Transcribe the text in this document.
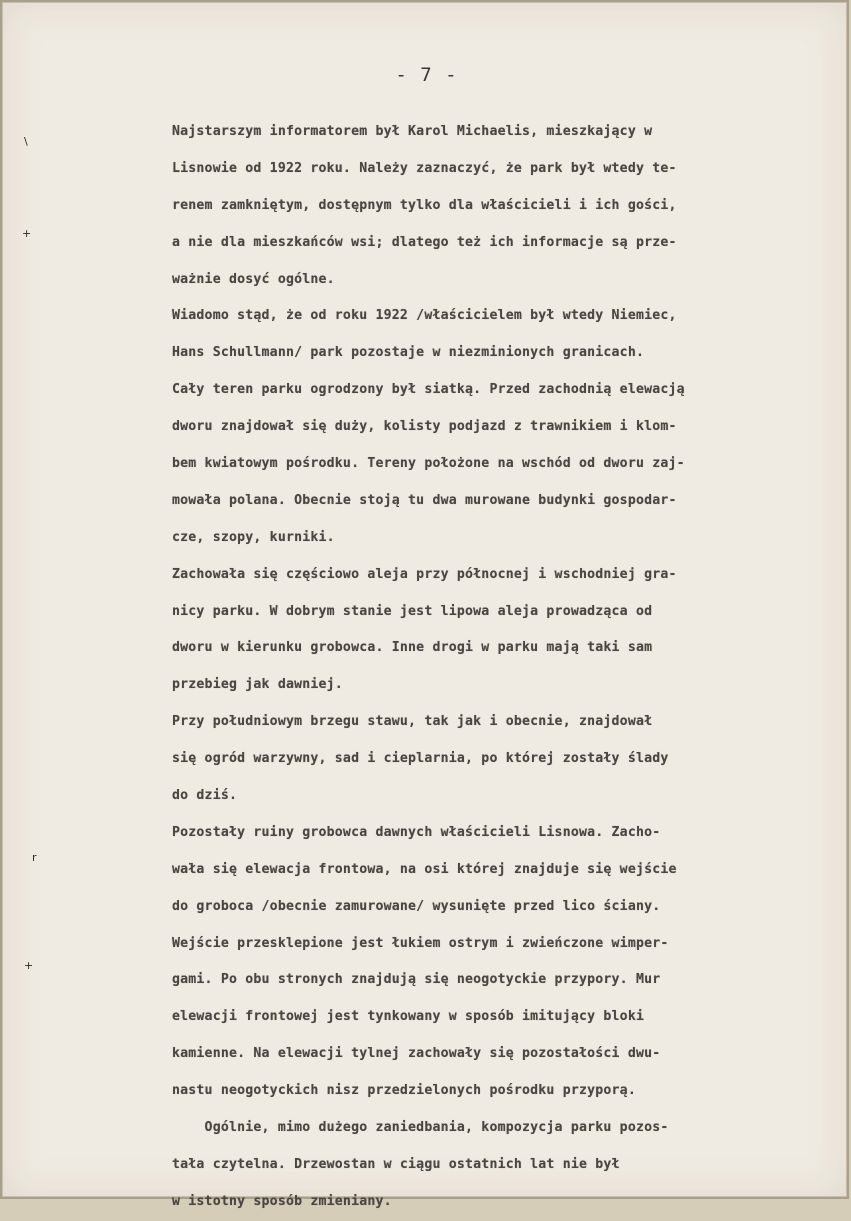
- 7 -
\
+
r
+
Najstarszym informatorem był Karol Michaelis, mieszkający w
Lisnowie od 1922 roku. Należy zaznaczyć, że park był wtedy te-
renem zamkniętym, dostępnym tylko dla właścicieli i ich gości,
a nie dla mieszkańców wsi; dlatego też ich informacje są prze-
ważnie dosyć ogólne.
Wiadomo stąd, że od roku 1922 /właścicielem był wtedy Niemiec,
Hans Schullmann/ park pozostaje w niezminionych granicach.
Cały teren parku ogrodzony był siatką. Przed zachodnią elewacją
dworu znajdował się duży, kolisty podjazd z trawnikiem i klom-
bem kwiatowym pośrodku. Tereny położone na wschód od dworu zaj-
mowała polana. Obecnie stoją tu dwa murowane budynki gospodar-
cze, szopy, kurniki.
Zachowała się częściowo aleja przy północnej i wschodniej gra-
nicy parku. W dobrym stanie jest lipowa aleja prowadząca od
dworu w kierunku grobowca. Inne drogi w parku mają taki sam
przebieg jak dawniej.
Przy południowym brzegu stawu, tak jak i obecnie, znajdował
się ogród warzywny, sad i cieplarnia, po której zostały ślady
do dziś.
Pozostały ruiny grobowca dawnych właścicieli Lisnowa. Zacho-
wała się elewacja frontowa, na osi której znajduje się wejście
do groboca /obecnie zamurowane/ wysunięte przed lico ściany.
Wejście przesklepione jest łukiem ostrym i zwieńczone wimper-
gami. Po obu stronych znajdują się neogotyckie przypory. Mur
elewacji frontowej jest tynkowany w sposób imitujący bloki
kamienne. Na elewacji tylnej zachowały się pozostałości dwu-
nastu neogotyckich nisz przedzielonych pośrodku przyporą.
Ogólnie, mimo dużego zaniedbania, kompozycja parku pozos-
tała czytelna. Drzewostan w ciągu ostatnich lat nie był
w istotny sposób zmieniany.
